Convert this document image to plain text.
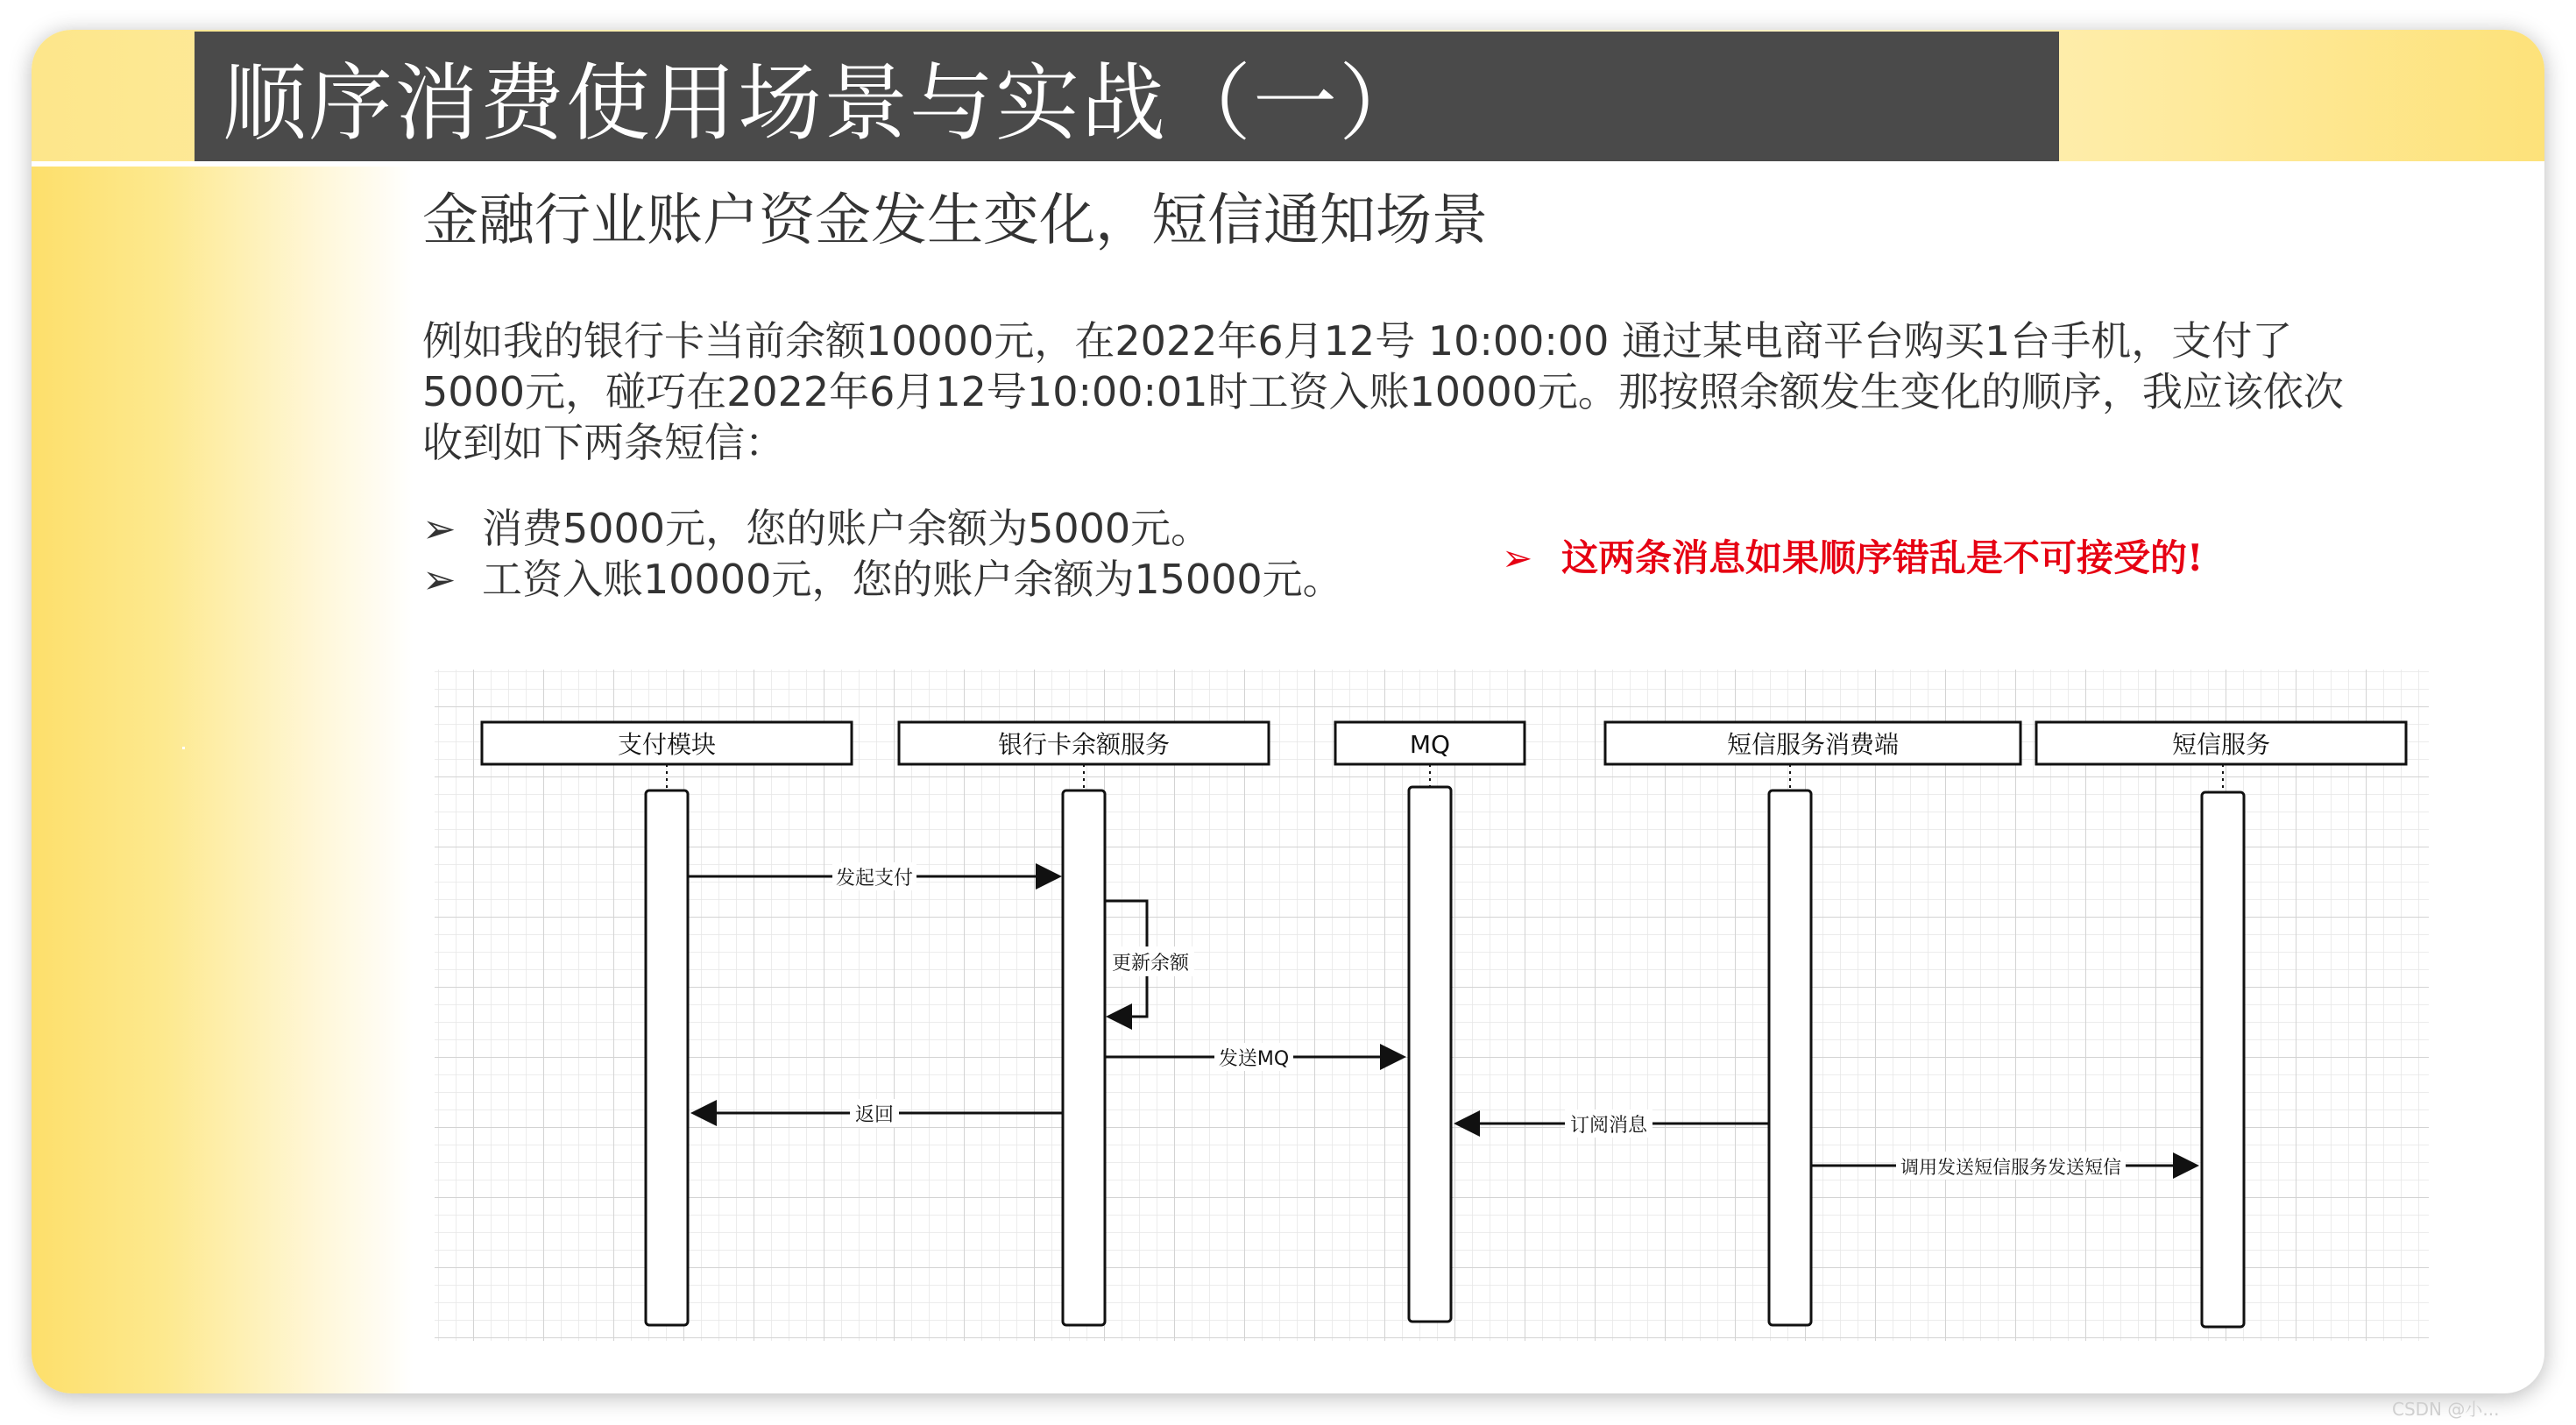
顺序消费使用场景与实战（一）
金融行业账户资金发生变化，短信通知场景

例如我的银行卡当前余额10000元，在2022年6月12号 10:00:00 通过某电商平台购买1台手机，支付了

5000元，碰巧在2022年6月12号10:00:01时工资入账10000元。那按照余额发生变化的顺序，我应该依次

收到如下两条短信：

➢ 消费5000元，您的账户余额为5000元。
➢ 工资入账10000元，您的账户余额为15000元。	➢ 这两条消息如果顺序错乱是不可接受的!
支付模块	银行卡余额服务	MQ	短信服务消费端	短信服务
发起支付
更新余额
发送MQ
返回	订阅消息
调用发送短信服务发送短信
CSDN @小...
